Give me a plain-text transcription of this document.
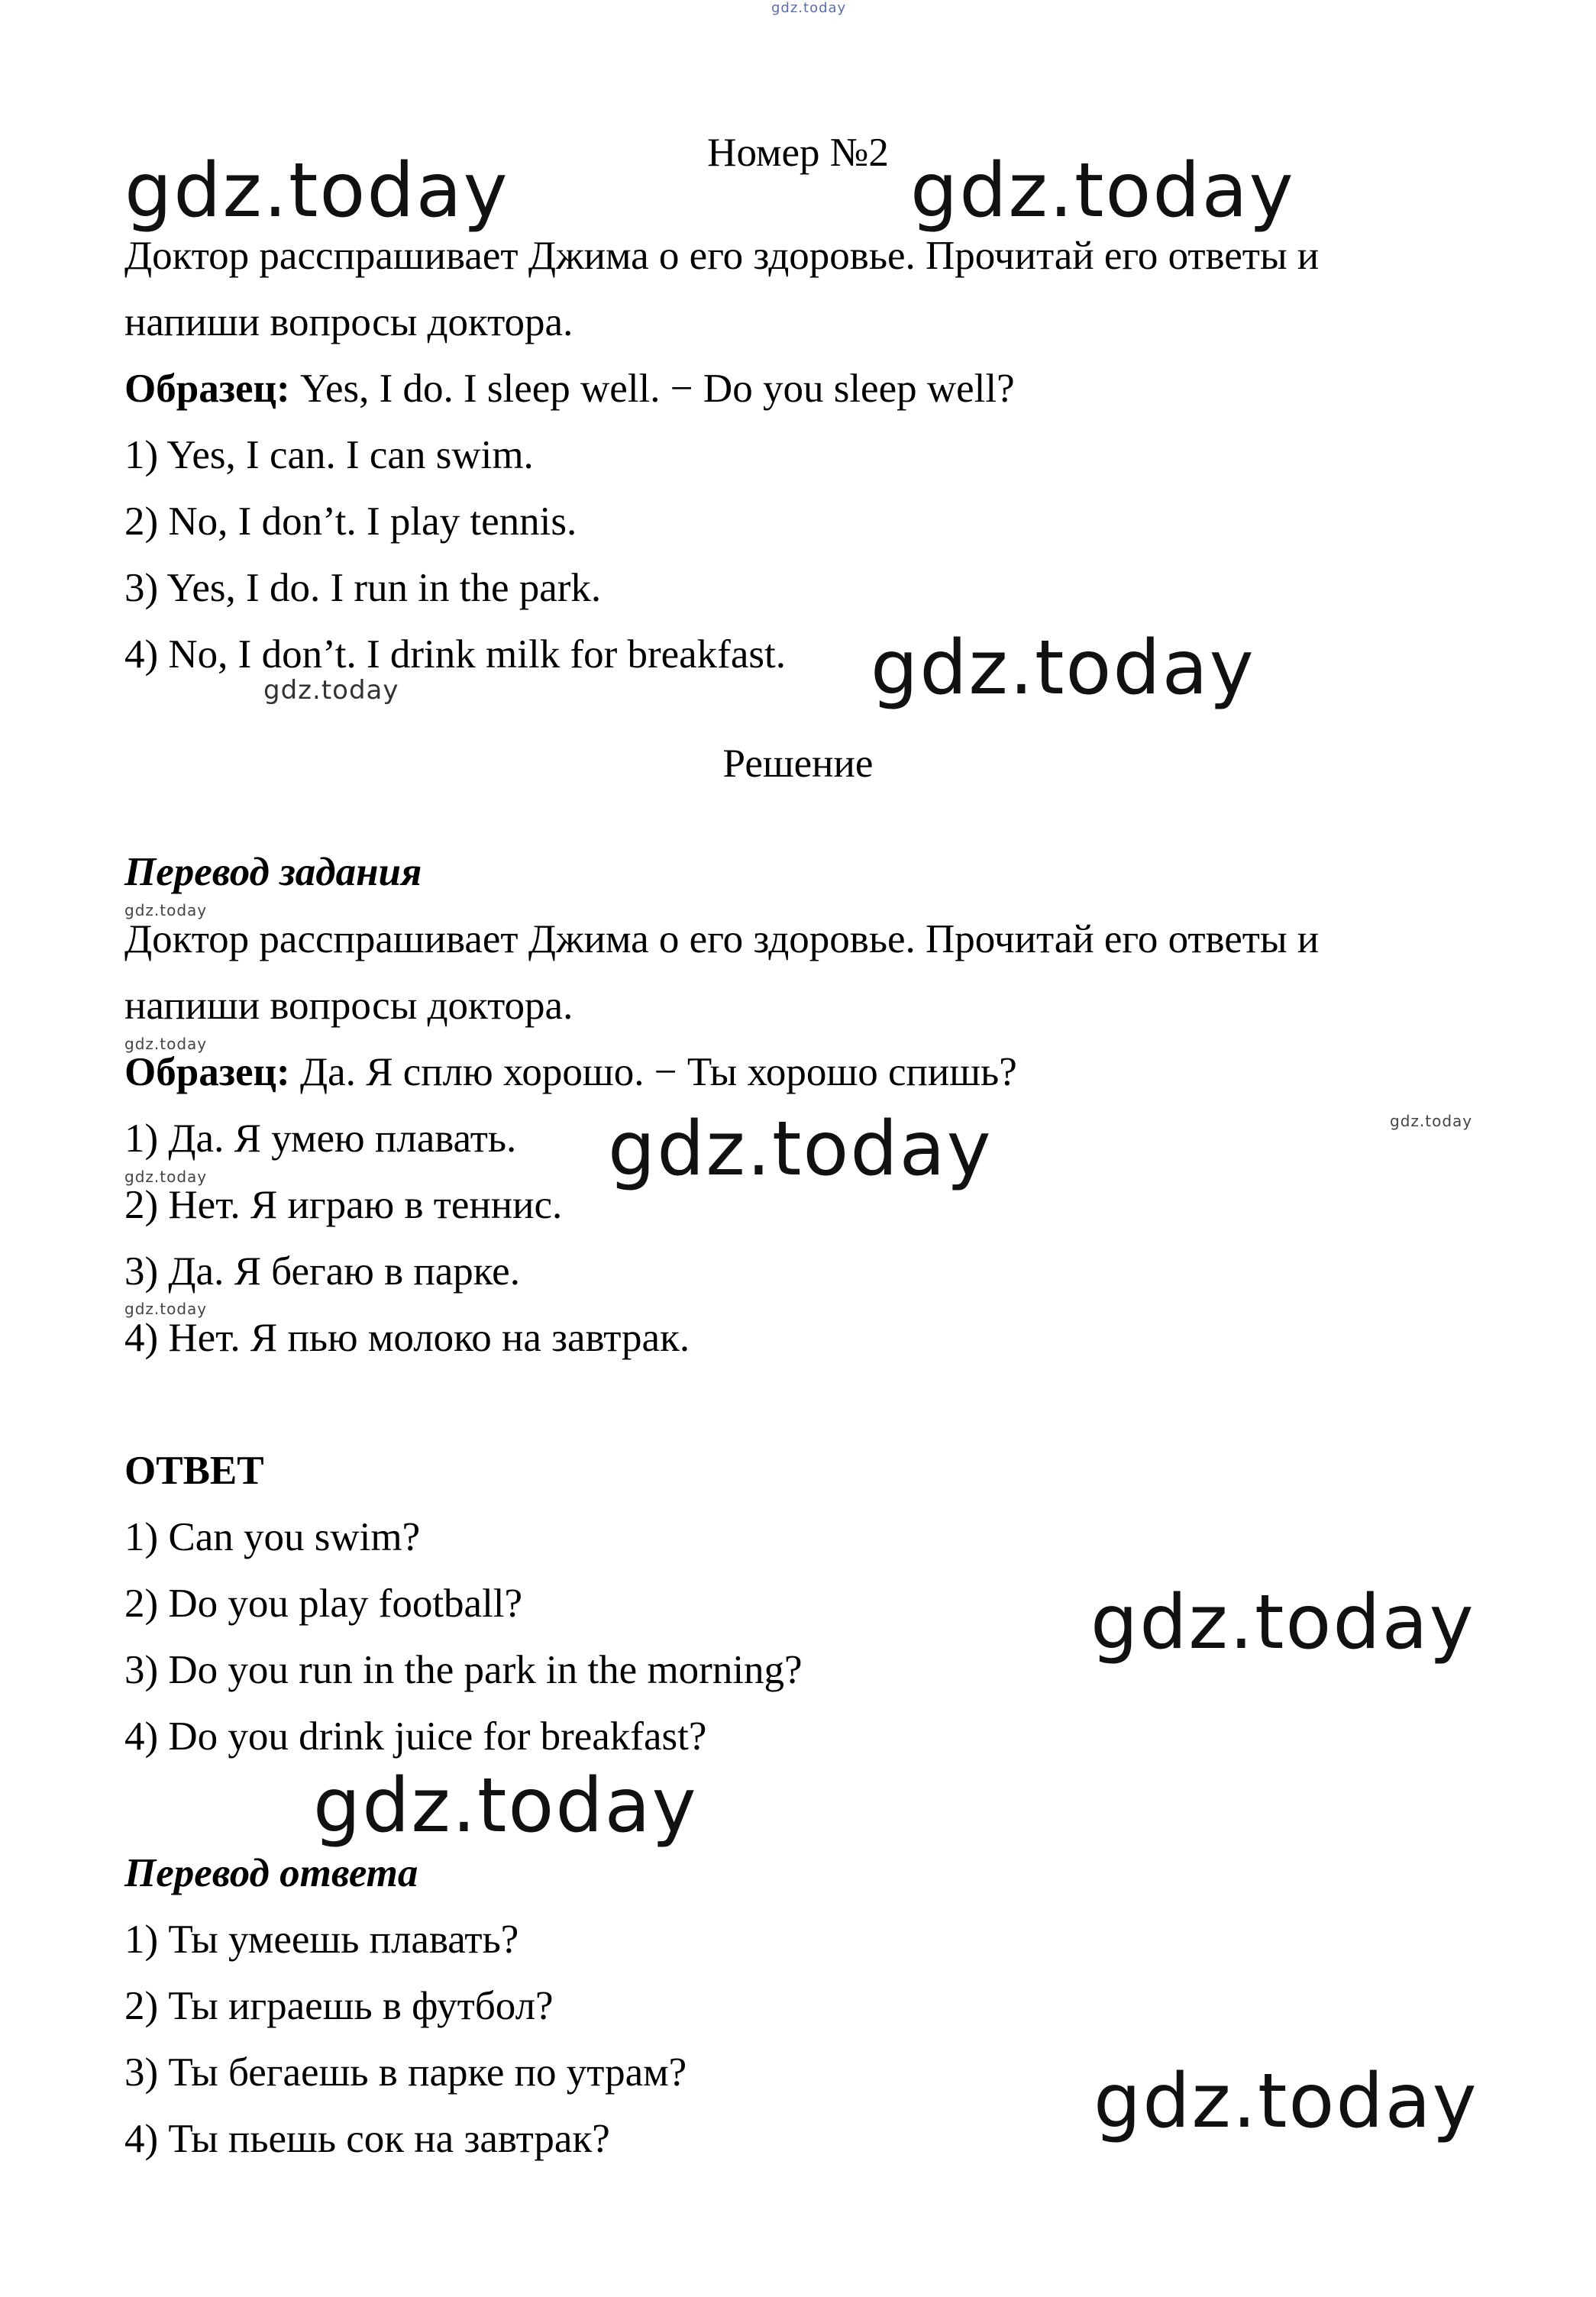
gdz.today
Номер №2
gdz.today	gdz.today
Доктор расспрашивает Джима о его здоровье. Прочитай его ответы и
напиши вопросы доктора.
Образец: Yes, I do. I sleep well. − Do you sleep well?
1) Yes, I can. I can swim.
2) No, I don’t. I play tennis.
3) Yes, I do. I run in the park.
4) No, I don’t. I drink milk for breakfast. gdz.today
gdz.today
Решение
Перевод задания
gdz.today
Доктор расспрашивает Джима о его здоровье. Прочитай его ответы и
напиши вопросы доктора.
gdz.today
Образец: Да. Я сплю хорошо. − Ты хорошо спишь?
1) Да. Я умею плавать. gdz.today	gdz.today
gdz.today
2) Нет. Я играю в теннис.
3) Да. Я бегаю в парке.
gdz.today
4) Нет. Я пью молоко на завтрак.
ОТВЕТ
1) Can you swim?
2) Do you play football?	gdz.today
3) Do you run in the park in the morning?
4) Do you drink juice for breakfast?
gdz.today
Перевод ответа
1) Ты умеешь плавать?
2) Ты играешь в футбол?
3) Ты бегаешь в парке по утрам?	gdz.today
4) Ты пьешь сок на завтрак?
